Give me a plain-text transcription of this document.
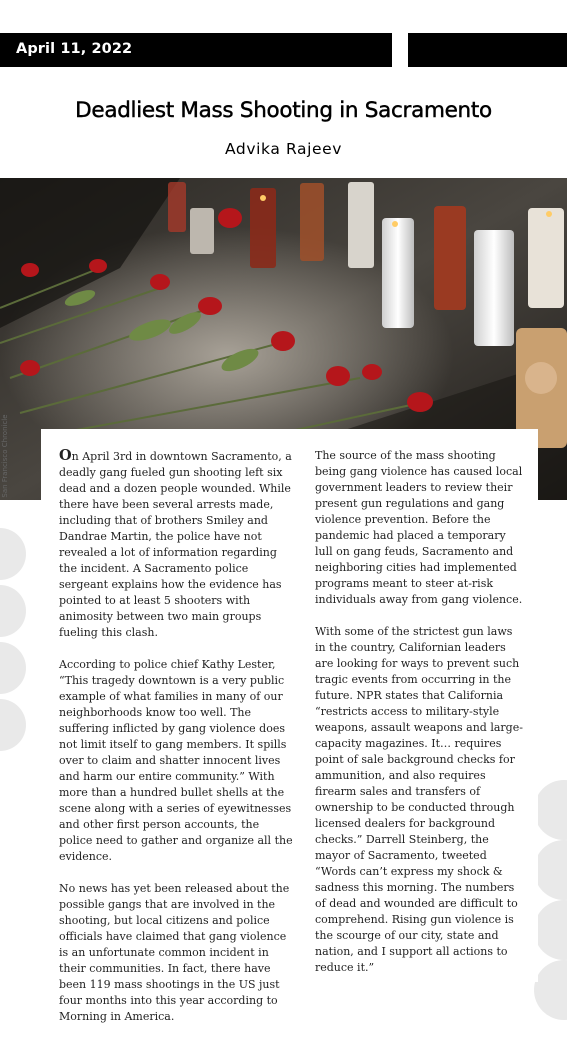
April 11, 2022
Deadliest Mass Shooting in Sacramento
Advika Rajeev
San Francisco Chronicle	On April 3rd in downtown Sacramento, a deadly gang fueled gun shooting left six dead and a dozen people wounded. While there have been several arrests made, including that of brothers Smiley and Dandrae Martin, the police have not revealed a lot of information regarding the incident. A Sacramento police sergeant explains how the evidence has pointed to at least 5 shooters with animosity between two main groups fueling this clash.

According to police chief Kathy Lester, “This tragedy downtown is a very public example of what families in many of our neighborhoods know too well. The suffering inflicted by gang violence does not limit itself to gang members. It spills over to claim and shatter innocent lives and harm our entire community.” With more than a hundred bullet shells at the scene along with a series of eyewitnesses and other first person accounts, the police need to gather and organize all the evidence.

No news has yet been released about the possible gangs that are involved in the shooting, but local citizens and police officials have claimed that gang violence is an unfortunate common incident in their communities. In fact, there have been 119 mass shootings in the US just four months into this year according to Morning in America.

The source of the mass shooting being gang violence has caused local government leaders to review their present gun regulations and gang violence prevention. Before the pandemic had placed a temporary lull on gang feuds, Sacramento and neighboring cities had implemented programs meant to steer at-risk individuals away from gang violence.

With some of the strictest gun laws in the country, Californian leaders are looking for ways to prevent such tragic events from occurring in the future. NPR states that California “restricts access to military-style weapons, assault weapons and large-capacity magazines. It… requires point of sale background checks for ammunition, and also requires firearm sales and transfers of ownership to be conducted through licensed dealers for background checks.” Darrell Steinberg, the mayor of Sacramento, tweeted “Words can’t express my shock & sadness this morning. The numbers of dead and wounded are difficult to comprehend. Rising gun violence is the scourge of our city, state and nation, and I support all actions to reduce it.”
